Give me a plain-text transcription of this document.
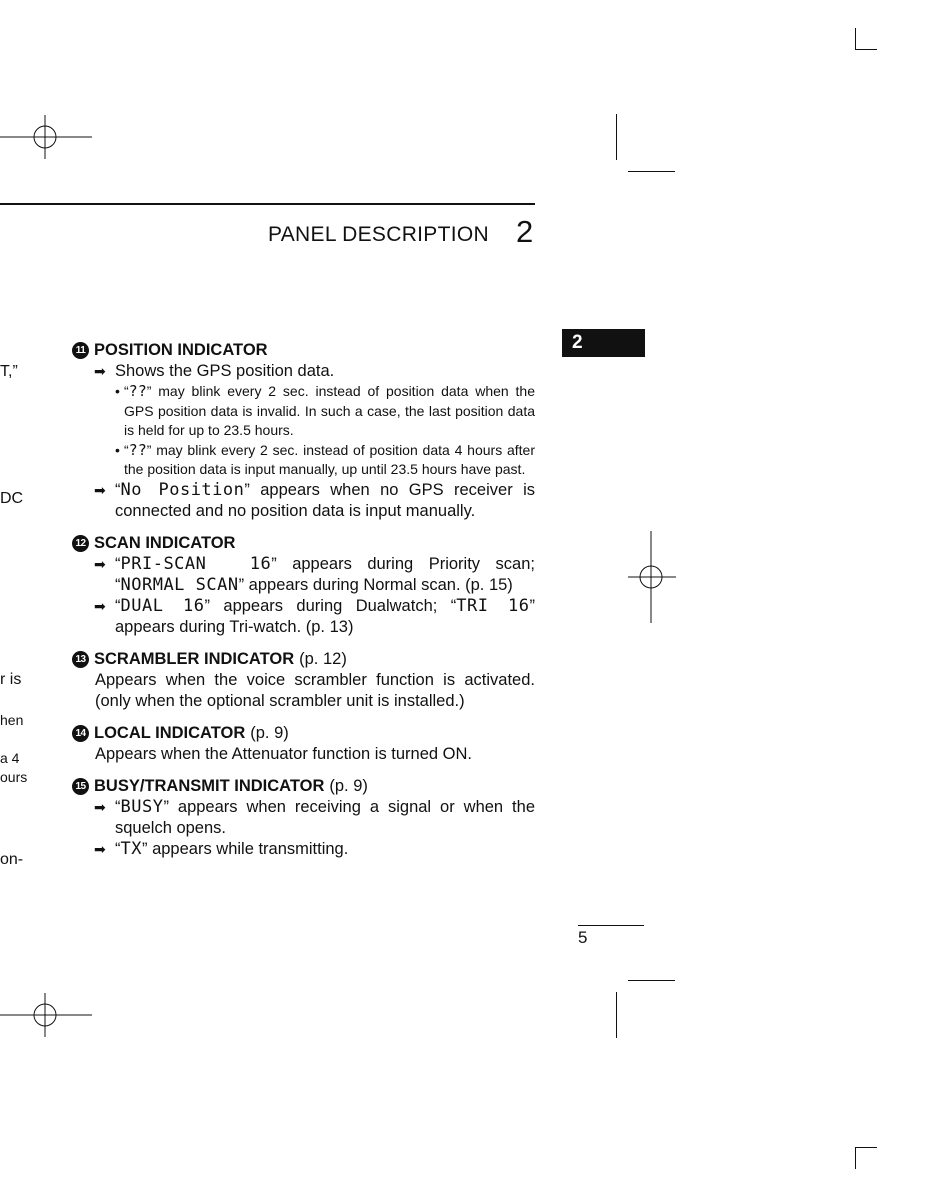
PANEL DESCRIPTION 2
2
T,”
DC
r is
hen
a 4
ours
on-
11 POSITION INDICATOR
➡ Shows the GPS position data.
• “??” may blink every 2 sec. instead of position data when the GPS position data is invalid. In such a case, the last position data is held for up to 23.5 hours.
• “??” may blink every 2 sec. instead of position data 4 hours after the position data is input manually, up until 23.5 hours have past.
➡ “No Position” appears when no GPS receiver is connected and no position data is input manually.
12 SCAN INDICATOR
➡ “PRI-SCAN  16” appears during Priority scan; “NORMAL SCAN” appears during Normal scan. (p. 15)
➡ “DUAL 16” appears during Dualwatch; “TRI 16” appears during Tri-watch. (p. 13)
13 SCRAMBLER INDICATOR (p. 12)
Appears when the voice scrambler function is activated. (only when the optional scrambler unit is installed.)
14 LOCAL INDICATOR (p. 9)
Appears when the Attenuator function is turned ON.
15 BUSY/TRANSMIT INDICATOR (p. 9)
➡ “BUSY” appears when receiving a signal or when the squelch opens.
➡ “TX” appears while transmitting.
5
